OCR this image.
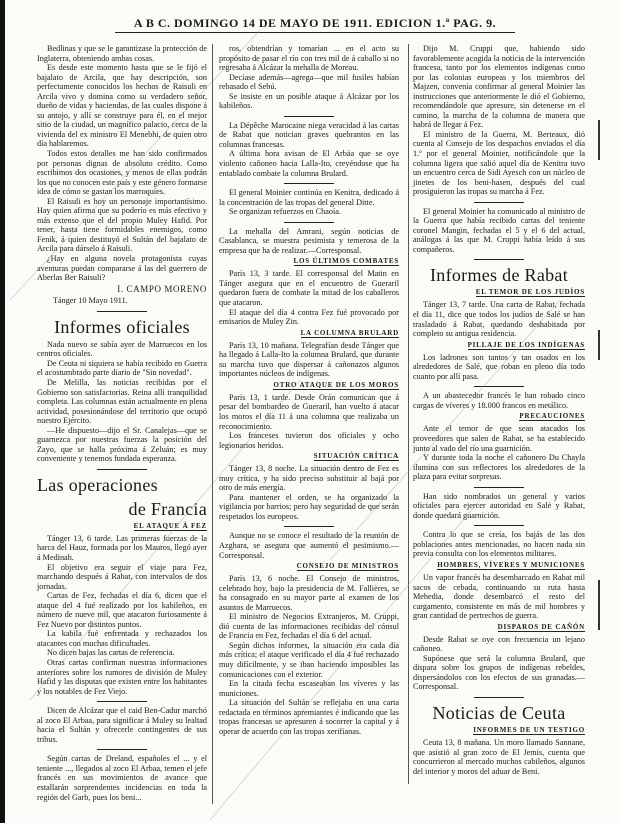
A B C. DOMINGO 14 DE MAYO DE 1911. EDICION 1.ª PAG. 9.
Bedlinas y que se le garantizase la protección de Inglaterra, obteniendo ambas cosas.
Es desde este momento hasta que se le fijó el bajalato de Arcila, que hay descripción, son perfectamente conocidos los hechos de Raisuli en Arcila vivo y domina como su verdadero señor, dueño de vidas y haciendas, de las cuales dispone á su antojo, y allí se construye para él, en el mejor sitio de la ciudad, un magnífico palacio, cerca de la vivienda del ex ministro El Menebhi, de quien otro día hablaremos.
Todos estos detalles me han sido confirmados por personas dignas de absoluto crédito. Como escribimos dos ocasiones, y menos de ellas podrán los que no conocen este país y este género formarse idea de cómo se gastan los marroquíes.
El Raisuli es hoy un personaje importantísimo. Hay quien afirma que su poderío es más efectivo y más extenso que el del propio Muley Hafid. Por tener, hasta tiene formidables enemigos, como Fenik, á quien destituyó el Sultán del bajalato de Arcila para dárselo á Raisuli.
¿Hay en alguna novela protagonista cuyas aventuras puedan compararse á las del guerrero de Aberlas Ber Raisuli?
I. CAMPO MORENO
Tánger 10 Mayo 1911.
Informes oficiales
Nada nuevo se sabía ayer de Marruecos en los centros oficiales.
De Ceuta ni siquiera se había recibido en Guerra el acostumbrado parte diario de "Sin novedad".
De Melilla, las noticias recibidas por el Gobierno son satisfactorias. Reina allí tranquilidad completa. Las columnas están actualmente en plena actividad, posesionándose del territorio que ocupó nuestro Ejército.
—He dispuesto—dijo el Sr. Canalejas—que se guarnezca por nuestras fuerzas la posición del Zayo, que se halla próxima á Zeluán; es muy conveniente y tenemos fundada esperanza.
Las operaciones
de Francia
EL ATAQUE Á FEZ
Tánger 13, 6 tarde. Las primeras fuerzas de la harca del Hauz, formada por los Mauros, llegó ayer á Medinah.
El objetivo era seguir el viaje para Fez, marchando después á Rabat, con intervalos de dos jornadas.
Cartas de Fez, fechadas el día 6, dicen que el ataque del 4 fué realizado por los kabileños, en número de nueve mil, que atacaron furiosamente á Fez Nuevo por distintos puntos.
La kabila fué enfrentada y rechazados los atacantes con muchas dificultades.
No dicen bajas las cartas de referencia.
Otras cartas confirman nuestras informaciones anteriores sobre los rumores de división de Muley Hafid y las disputas que existen entre los habitantes y los notables de Fez Viejo.
Dicen de Alcázar que el caid Ben-Cadur marchó al zoco El Arbaa, para significar á Muley su lealtad hacia el Sultán y ofrecerle contingentes de sus tribus.
Según cartas de Dreland, españoles el ... y el teniente ..., llegados al zoco El Arbaa, temen el jefe francés en sus movimientos de avance que estallarán sorprendentes incidencias en toda la región del Garb, pues los beni...
ros, obtendrían y tomarían ... en el acto su propósito de pasar el río con tres mil de á caballo si no regresaba á Alcázar la mehalla de Moreau.
Decíase además—agrega—que mil fusiles habían rebasado el Sebú.
Se insiste en un posible ataque á Alcázar por los kabileños.
La Dépêche Marocaine niega veracidad á las cartas de Rabat que notician graves quebrantos en las columnas francesas.
A última hora avisan de El Arbáa que se oye violento cañoneo hacia Lalla-Ito, creyéndose que ha entablado combate la columna Brulard.
El general Moinier continúa en Kenitra, dedicado á la concentración de las tropas del general Ditte.
Se organizan refuerzos en Chaoía.
La mehalla del Amrani, según noticias de Casablanca, se muestra pesimista y temerosa de la empresa que ha de realizar.—Corresponsal.
LOS ÚLTIMOS COMBATES
París 13, 3 tarde. El corresponsal del Matin en Tánger asegura que en el encuentro de Gueraril quedaron fuera de combate la mitad de los caballeros que atacaron.
El ataque del día 4 contra Fez fué provocado por emisarios de Muley Zin.
LA COLUMNA BRULARD
París 13, 10 mañana. Telegrafían desde Tánger que ha llegado á Lalla-Ito la columna Brulard, que durante su marcha tuvo que dispersar á cañonazos algunos importantes núcleos de indígenas.
OTRO ATAQUE DE LOS MOROS
París 13, 1 tarde. Desde Orán comunican que á pesar del bombardeo de Gueraril, han vuelto á atacar los moros el día 11 á una columna que realizaba un reconocimiento.
Los franceses tuvieron dos oficiales y ocho legionarios heridos.
SITUACIÓN CRÍTICA
Tánger 13, 8 noche. La situación dentro de Fez es muy crítica, y ha sido preciso substituir al bajá por otro de más energía.
Para mantener el orden, se ha organizado la vigilancia por barrios; pero hay seguridad de que serán respetados los europeos.
Aunque no se conoce el resultado de la reunión de Azghara, se asegura que aumentó el pesimismo.—Corresponsal.
CONSEJO DE MINISTROS
París 13, 6 noche. El Consejo de ministros, celebrado hoy, bajo la presidencia de M. Fallières, se ha consagrado en su mayor parte al examen de los asuntos de Marruecos.
El ministro de Negocios Extranjeros, M. Cruppi, dió cuenta de las informaciones recibidas del cónsul de Francia en Fez, fechadas el día 6 del actual.
Según dichos informes, la situación era cada día más crítica; el ataque verificado el día 4 fué rechazado muy difícilmente, y se iban haciendo imposibles las comunicaciones con el exterior.
En la citada fecha escaseaban los víveres y las municiones.
La situación del Sultán se reflejaba en una carta redactada en términos apremiantes é indicando que las tropas francesas se apresuren á socorrer la capital y á operar de acuerdo con las tropas xerifianas.
Dijo M. Cruppi que, habiendo sido favorablemente acogida la noticia de la intervención francesa, tanto por los elementos indígenas como por las colonias europeas y los miembros del Majzen, convenía confirmar al general Moinier las instrucciones que anteriormente le dió el Gobierno, recomendándole que apresure, sin detenerse en el camino, la marcha de la columna de manera que habrá de llegar á Fez.
El ministro de la Guerra, M. Berteaux, dió cuenta al Consejo de los despachos enviados el día 1.º por el general Moinier, notificándole que la columna ligera que salió aquel día de Kenitra tuvo un encuentro cerca de Sidi Ayesch con un núcleo de jinetes de los beni-hasen, después del cual prosiguieron las tropas su marcha á Fez.
El general Moinier ha comunicado al ministro de la Guerra que había recibido cartas del teniente coronel Mangin, fechadas el 5 y el 6 del actual, análogas á las que M. Cruppi había leído á sus compañeros.
Informes de Rabat
EL TEMOR DE LOS JUDÍOS
Tánger 13, 7 tarde. Una carta de Rabat, fechada el día 11, dice que todos los judíos de Salé se han trasladado á Rabat, quedando deshabitada por completo su antigua residencia.
PILLAJE DE LOS INDÍGENAS
Los ladrones son tantos y tan osados en los alrededores de Salé, que roban en pleno día todo cuanto por allí pasa.
A un abastecedor francés le han robado cinco cargas de víveres y 18.000 francos en metálico.
PRECAUCIONES
Ante el temor de que sean atacados los proveedores que salen de Rabat, se ha establecido junto al vado del río una guarnición.
Y durante toda la noche el cañonero Du Chayla ilumina con sus reflectores los alrededores de la plaza para evitar sorpresas.
Han sido nombrados un general y varios oficiales para ejercer autoridad en Salé y Rabat, donde quedará guarnición.
Contra lo que se creía, los bajás de las dos poblaciones antes mencionadas, no hacen nada sin previa consulta con los elementos militares.
HOMBRES, VÍVERES Y MUNICIONES
Un vapor francés ha desembarcado en Rabat mil sacos de cebada, continuando su ruta hasta Mehedia, donde desembarcó el resto del cargamento, consistente en más de mil hombres y gran cantidad de pertrechos de guerra.
DISPAROS DE CAÑÓN
Desde Rabat se oye con frecuencia un lejano cañoneo.
Supónese que será la columna Brulard, que dispara sobre los grupos de indígenas rebeldes, dispersándolos con los efectos de sus granadas.—Corresponsal.
Noticias de Ceuta
INFORMES DE UN TESTIGO
Ceuta 13, 8 mañana. Un moro llamado Sannane, que asistió al gran zoco de El Jemis, cuenta que concurrieron al mercado muchos cabileños, algunos del interior y moros del aduar de Beni.
